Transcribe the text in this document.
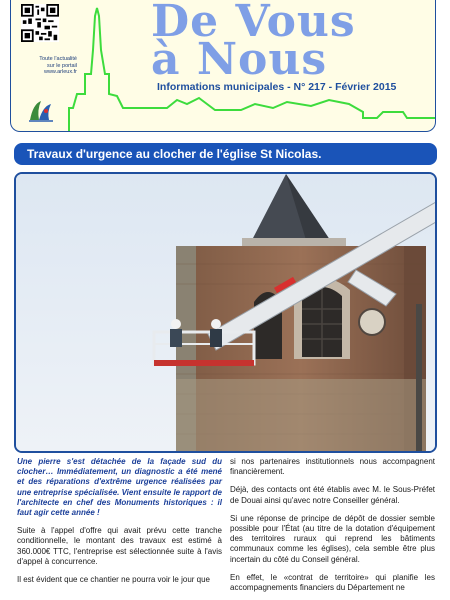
Toute l'actualité
sur le portail
www.arleux.fr
De Vous
à Nous
Informations municipales - N° 217 - Février 2015
Travaux d'urgence au clocher de l'église St Nicolas.

Une pierre s'est détachée de la façade sud du clocher… Immédiatement, un diagnostic a été mené et des réparations d'extrême urgence réalisées par une entreprise spécialisée. Vient ensuite le rapport de l'architecte en chef des Monuments historiques : il faut agir cette année !

Suite à l'appel d'offre qui avait prévu cette tranche conditionnelle, le montant des travaux est estimé à 360.000€ TTC, l'entreprise est sélectionnée suite à l'avis d'appel à concurrence.

Il est évident que ce chantier ne pourra voir le jour que

si nos partenaires institutionnels nous accompagnent financièrement.

Déjà, des contacts ont été établis avec M. le Sous-Préfet de Douai ainsi qu'avec notre Conseiller général.

Si une réponse de principe de dépôt de dossier semble possible pour l'État (au titre de la dotation d'équipement des territoires ruraux qui reprend les bâtiments communaux comme les églises), cela semble être plus incertain du côté du Conseil général.

En effet, le «contrat de territoire» qui planifie les accompagnements financiers du Département ne
